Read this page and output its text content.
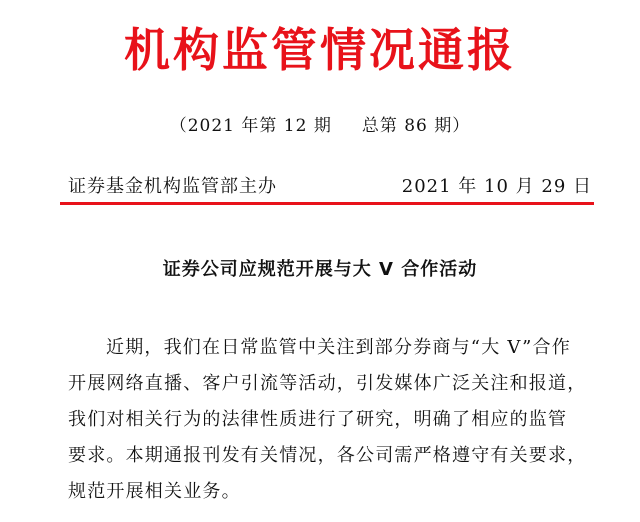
机构监管情况通报
（2021 年第 12 期 总第 86 期）
证券基金机构监管部主办	2021 年 10 月 29 日
证券公司应规范开展与大 V 合作活动
近期，我们在日常监管中关注到部分券商与“大 V”合作
开展网络直播、客户引流等活动，引发媒体广泛关注和报道，
我们对相关行为的法律性质进行了研究，明确了相应的监管
要求。本期通报刊发有关情况，各公司需严格遵守有关要求，
规范开展相关业务。
